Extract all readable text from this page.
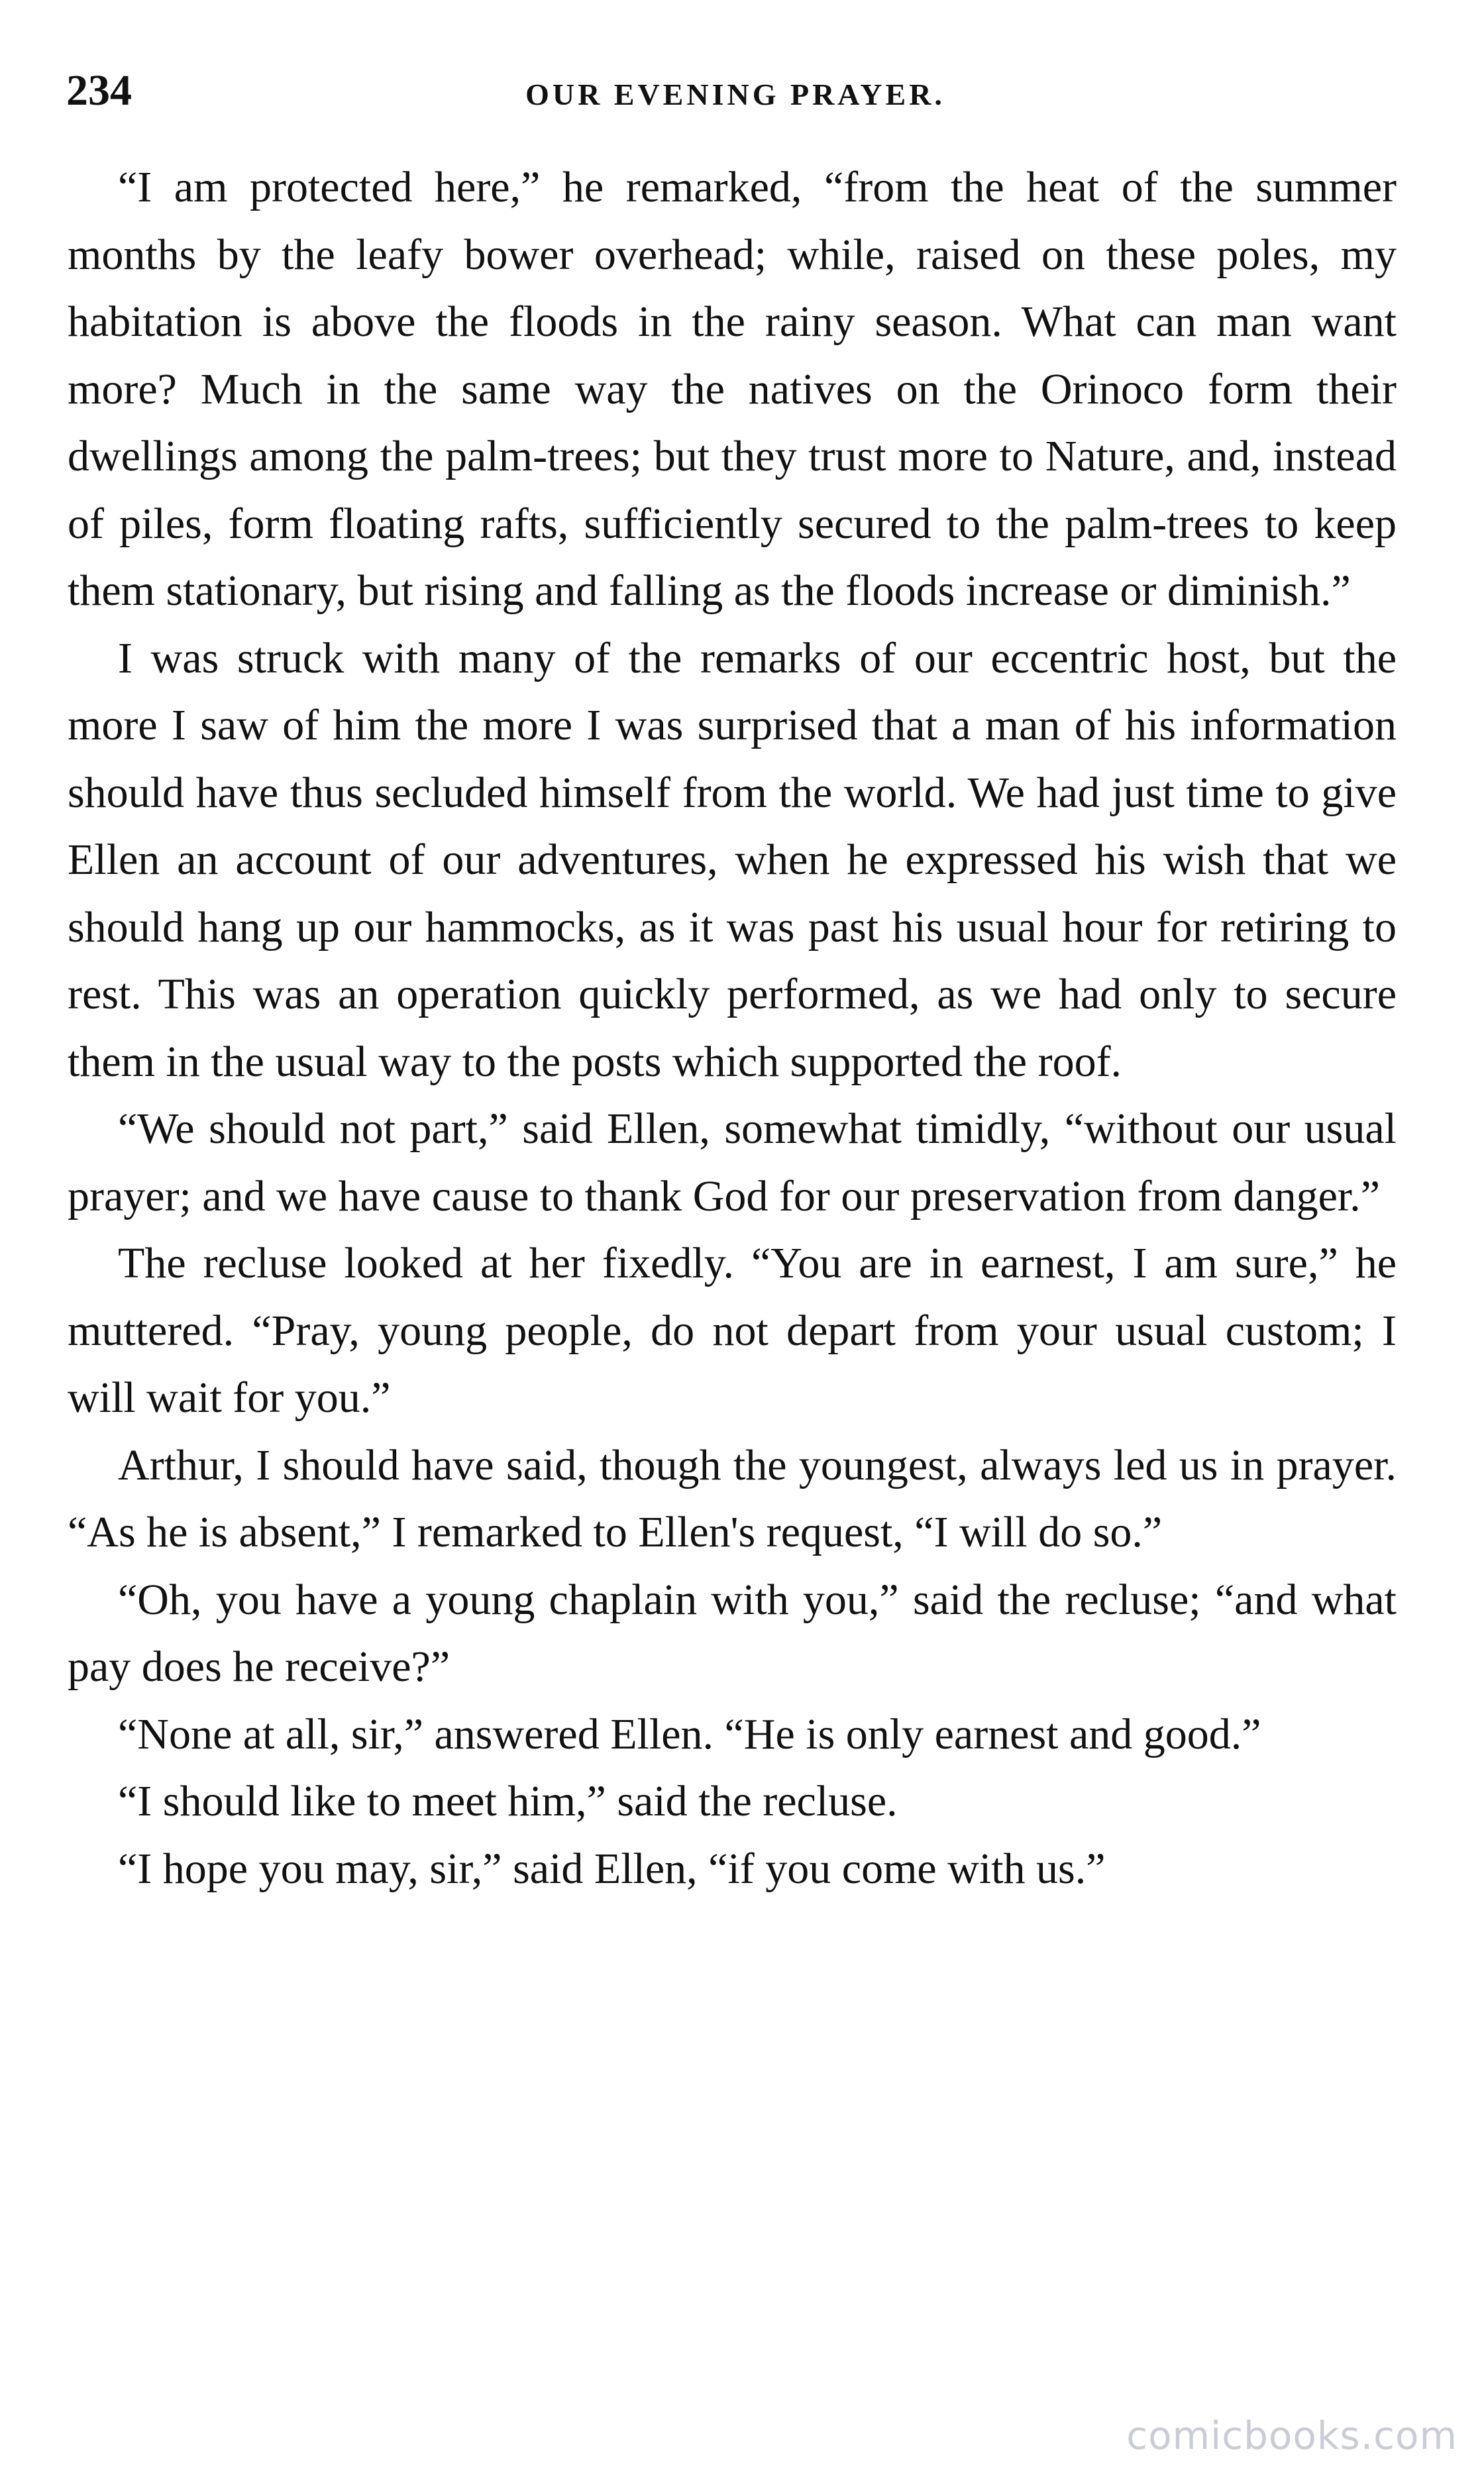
234	OUR EVENING PRAYER.

“I am protected here,” he remarked, “from the heat of the summer months by the leafy bower overhead; while, raised on these poles, my habitation is above the floods in the rainy season. What can man want more? Much in the same way the natives on the Orinoco form their dwellings among the palm-trees; but they trust more to Nature, and, instead of piles, form floating rafts, sufficiently secured to the palm-trees to keep them stationary, but rising and falling as the floods increase or diminish.”

I was struck with many of the remarks of our eccentric host, but the more I saw of him the more I was surprised that a man of his information should have thus secluded himself from the world. We had just time to give Ellen an account of our adventures, when he expressed his wish that we should hang up our hammocks, as it was past his usual hour for retiring to rest. This was an operation quickly performed, as we had only to secure them in the usual way to the posts which supported the roof.

“We should not part,” said Ellen, somewhat timidly, “without our usual prayer; and we have cause to thank God for our preservation from danger.”

The recluse looked at her fixedly. “You are in earnest, I am sure,” he muttered. “Pray, young people, do not depart from your usual custom; I will wait for you.”

Arthur, I should have said, though the youngest, always led us in prayer. “As he is absent,” I remarked to Ellen's request, “I will do so.”

“Oh, you have a young chaplain with you,” said the recluse; “and what pay does he receive?”

“None at all, sir,” answered Ellen. “He is only earnest and good.”

“I should like to meet him,” said the recluse.

“I hope you may, sir,” said Ellen, “if you come with us.”

comicbooks.com
